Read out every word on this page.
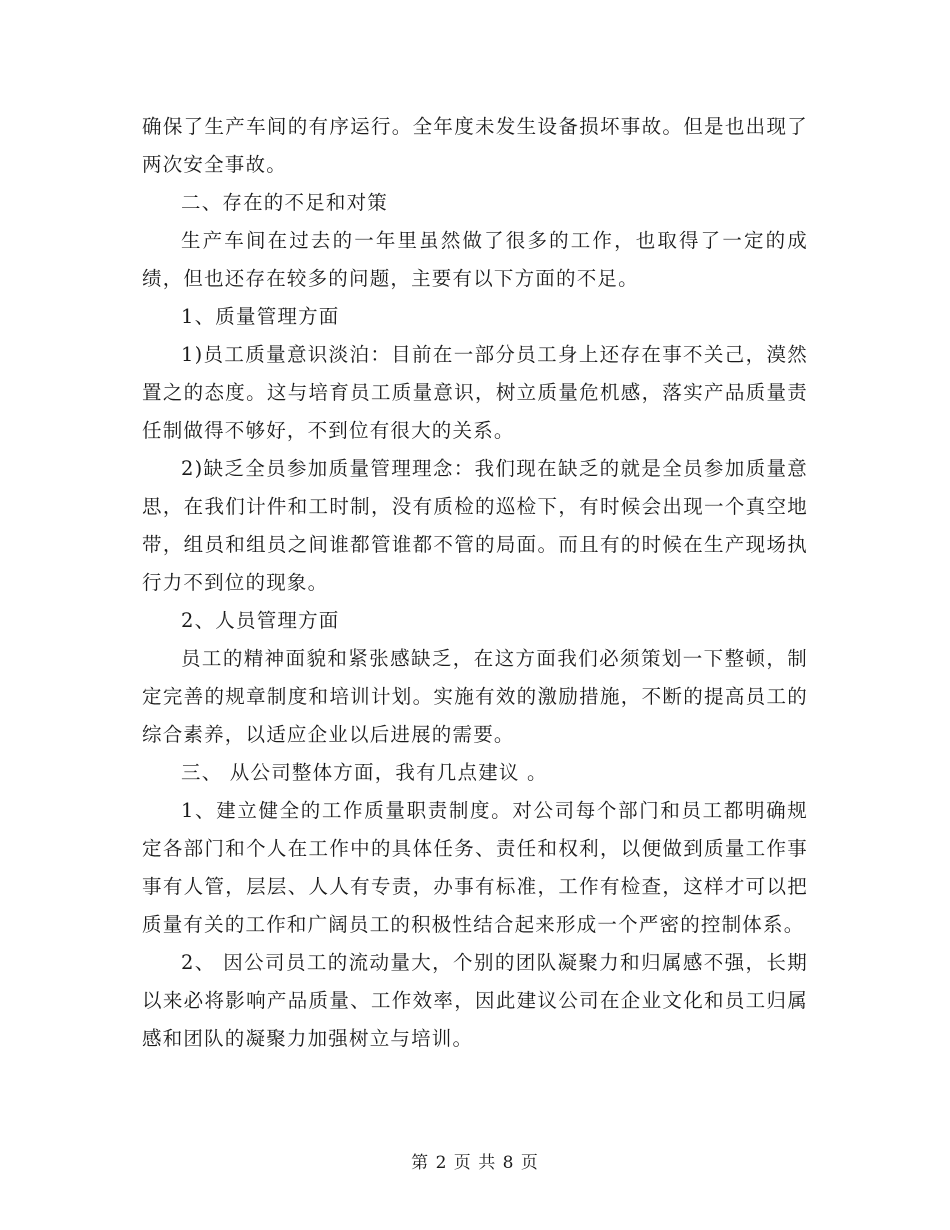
确保了生产车间的有序运行。全年度未发生设备损坏事故。但是也出现了两次安全事故。

二、存在的不足和对策

生产车间在过去的一年里虽然做了很多的工作，也取得了一定的成绩，但也还存在较多的问题，主要有以下方面的不足。

1、质量管理方面

1)员工质量意识淡泊：目前在一部分员工身上还存在事不关己，漠然置之的态度。这与培育员工质量意识，树立质量危机感，落实产品质量责任制做得不够好，不到位有很大的关系。

2)缺乏全员参加质量管理理念：我们现在缺乏的就是全员参加质量意思，在我们计件和工时制，没有质检的巡检下，有时候会出现一个真空地带，组员和组员之间谁都管谁都不管的局面。而且有的时候在生产现场执行力不到位的现象。

2、人员管理方面

员工的精神面貌和紧张感缺乏，在这方面我们必须策划一下整顿，制定完善的规章制度和培训计划。实施有效的激励措施，不断的提高员工的综合素养，以适应企业以后进展的需要。

三、 从公司整体方面，我有几点建议 。

1、建立健全的工作质量职责制度。对公司每个部门和员工都明确规定各部门和个人在工作中的具体任务、责任和权利，以便做到质量工作事事有人管，层层、人人有专责，办事有标准，工作有检查，这样才可以把质量有关的工作和广阔员工的积极性结合起来形成一个严密的控制体系。

2、 因公司员工的流动量大，个别的团队凝聚力和归属感不强，长期以来必将影响产品质量、工作效率，因此建议公司在企业文化和员工归属感和团队的凝聚力加强树立与培训。

第 2 页 共 8 页
